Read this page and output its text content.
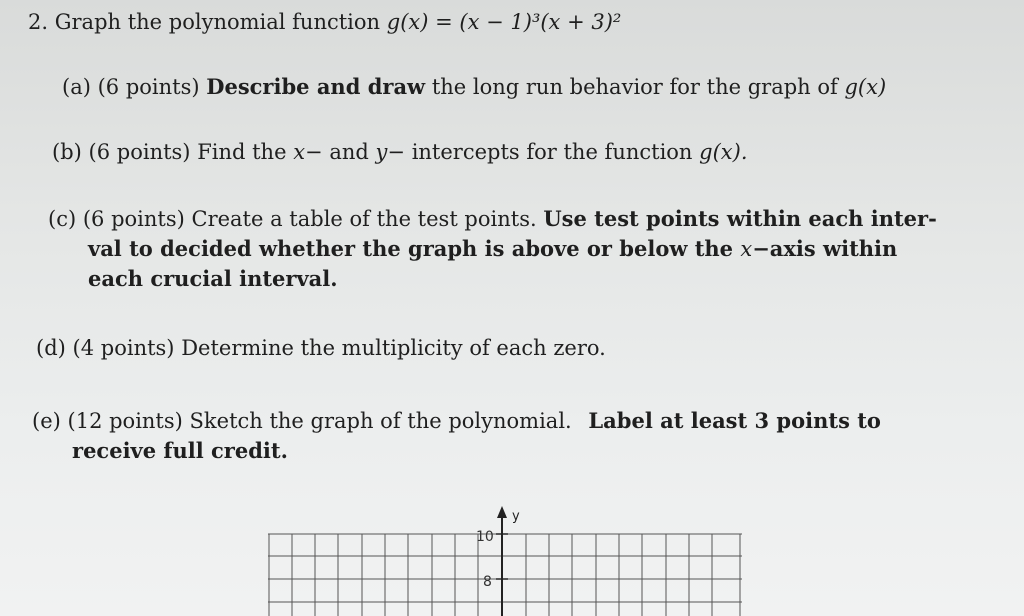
2. Graph the polynomial function g(x) = (x − 1)³(x + 3)²
(a) (6 points) Describe and draw the long run behavior for the graph of g(x)
(b) (6 points) Find the x− and y− intercepts for the function g(x).
(c) (6 points) Create a table of the test points. Use test points within each inter-
val to decided whether the graph is above or below the x−axis within
each crucial interval.
(d) (4 points) Determine the multiplicity of each zero.
(e) (12 points) Sketch the graph of the polynomial. Label at least 3 points to
receive full credit.
y
10
8
